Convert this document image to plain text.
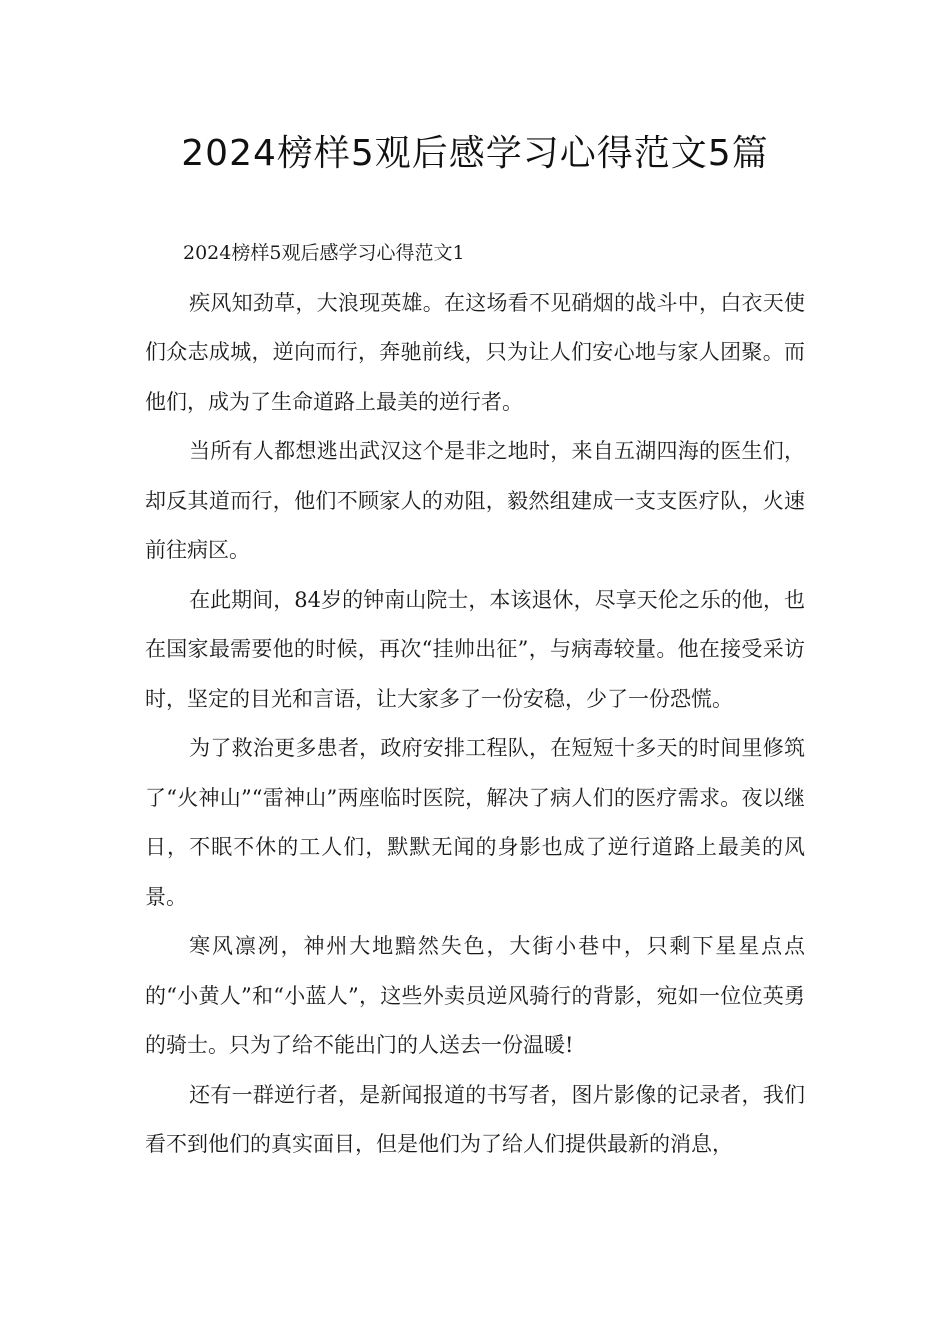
2024榜样5观后感学习心得范文5篇

2024榜样5观后感学习心得范文1

疾风知劲草，大浪现英雄。在这场看不见硝烟的战斗中，白衣天使们众志成城，逆向而行，奔驰前线，只为让人们安心地与家人团聚。而他们，成为了生命道路上最美的逆行者。

当所有人都想逃出武汉这个是非之地时，来自五湖四海的医生们，却反其道而行，他们不顾家人的劝阻，毅然组建成一支支医疗队，火速前往病区。

在此期间，84岁的钟南山院士，本该退休，尽享天伦之乐的他，也在国家最需要他的时候，再次“挂帅出征”，与病毒较量。他在接受采访时，坚定的目光和言语，让大家多了一份安稳，少了一份恐慌。

为了救治更多患者，政府安排工程队，在短短十多天的时间里修筑了“火神山”“雷神山”两座临时医院，解决了病人们的医疗需求。夜以继日，不眠不休的工人们，默默无闻的身影也成了逆行道路上最美的风景。

寒风凛冽，神州大地黯然失色，大街小巷中，只剩下星星点点的“小黄人”和“小蓝人”，这些外卖员逆风骑行的背影，宛如一位位英勇的骑士。只为了给不能出门的人送去一份温暖!

还有一群逆行者，是新闻报道的书写者，图片影像的记录者，我们看不到他们的真实面目，但是他们为了给人们提供最新的消息，
